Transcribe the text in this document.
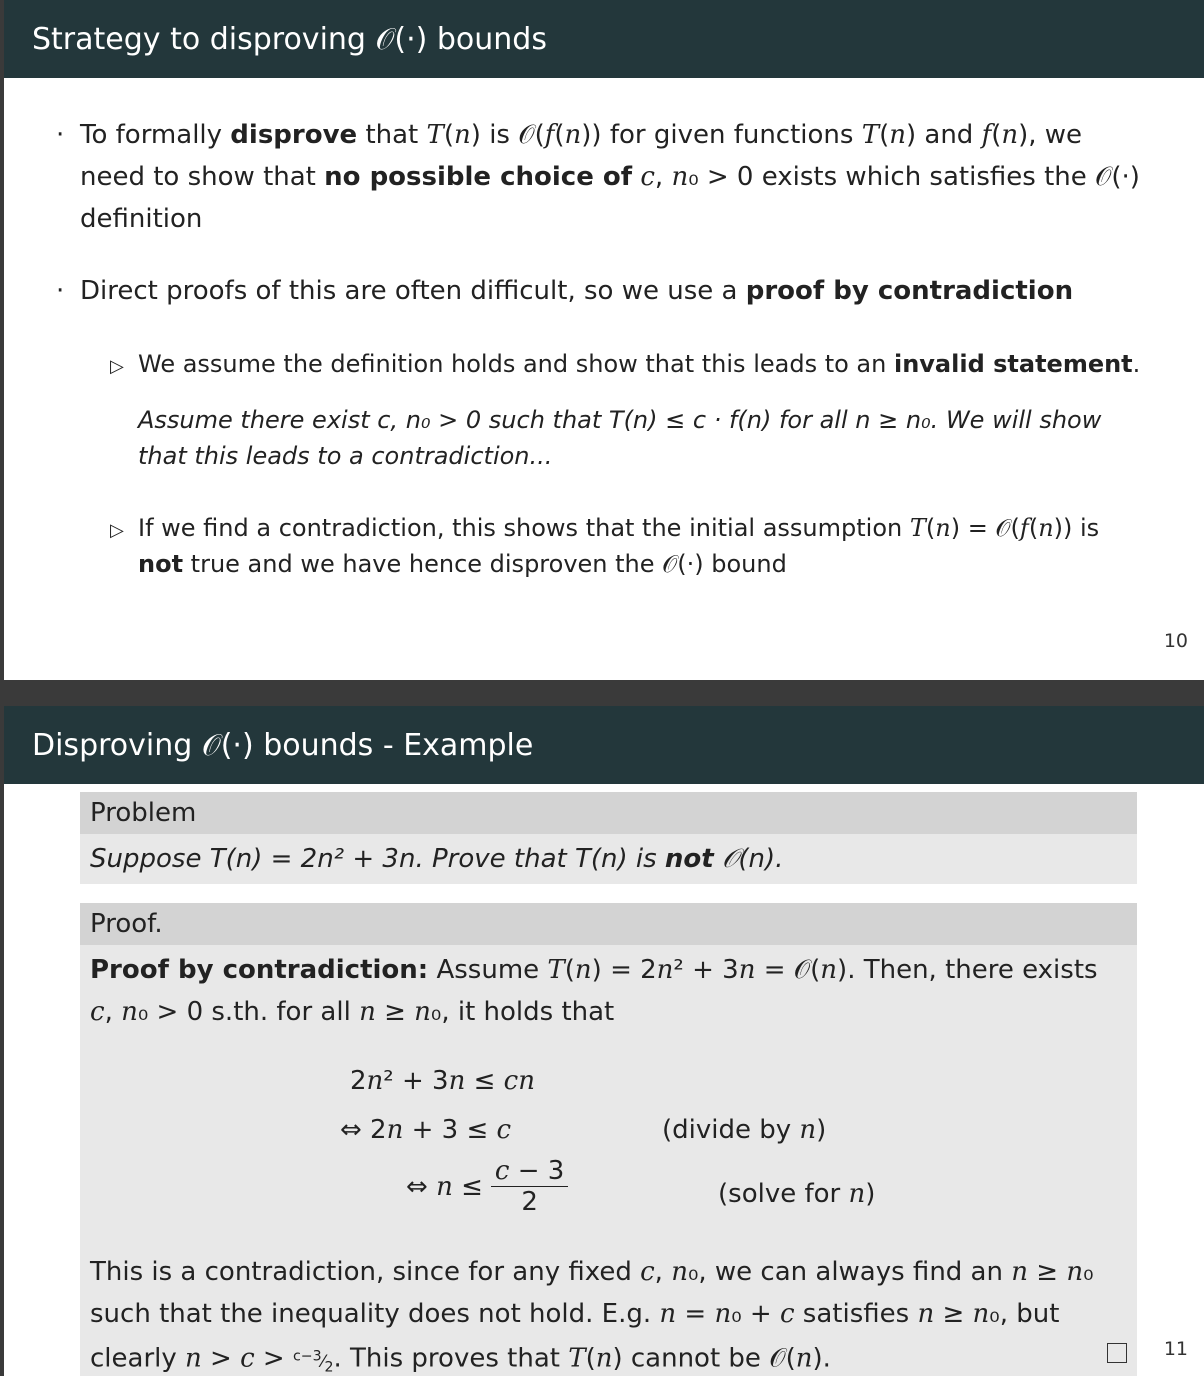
Strategy to disproving 𝒪(·) bounds
· To formally disprove that T(n) is 𝒪(f(n)) for given functions T(n) and f(n), we
need to show that no possible choice of c, n₀ > 0 exists which satisfies the 𝒪(·)
definition
· Direct proofs of this are often difficult, so we use a proof by contradiction
▷ We assume the definition holds and show that this leads to an invalid statement.
Assume there exist c, n₀ > 0 such that T(n) ≤ c · f(n) for all n ≥ n₀. We will show
that this leads to a contradiction...
▷ If we find a contradiction, this shows that the initial assumption T(n) = 𝒪(f(n)) is
not true and we have hence disproven the 𝒪(·) bound
10
Disproving 𝒪(·) bounds - Example
Problem
Suppose T(n) = 2n² + 3n. Prove that T(n) is not 𝒪(n).
Proof.
Proof by contradiction: Assume T(n) = 2n² + 3n = 𝒪(n). Then, there exists
c, n₀ > 0 s.th. for all n ≥ n₀, it holds that
2n² + 3n ≤ cn
⇔ 2n + 3 ≤ c	(divide by n)
⇔ $n \le \frac{c - 3}{2}$	(solve for n)
This is a contradiction, since for any fixed c, n₀, we can always find an n ≥ n₀
such that the inequality does not hold. E.g. n = n₀ + c satisfies n ≥ n₀, but
clearly $n > c > ^{c-3}⁄_2$. This proves that T(n) cannot be 𝒪(n).	11
